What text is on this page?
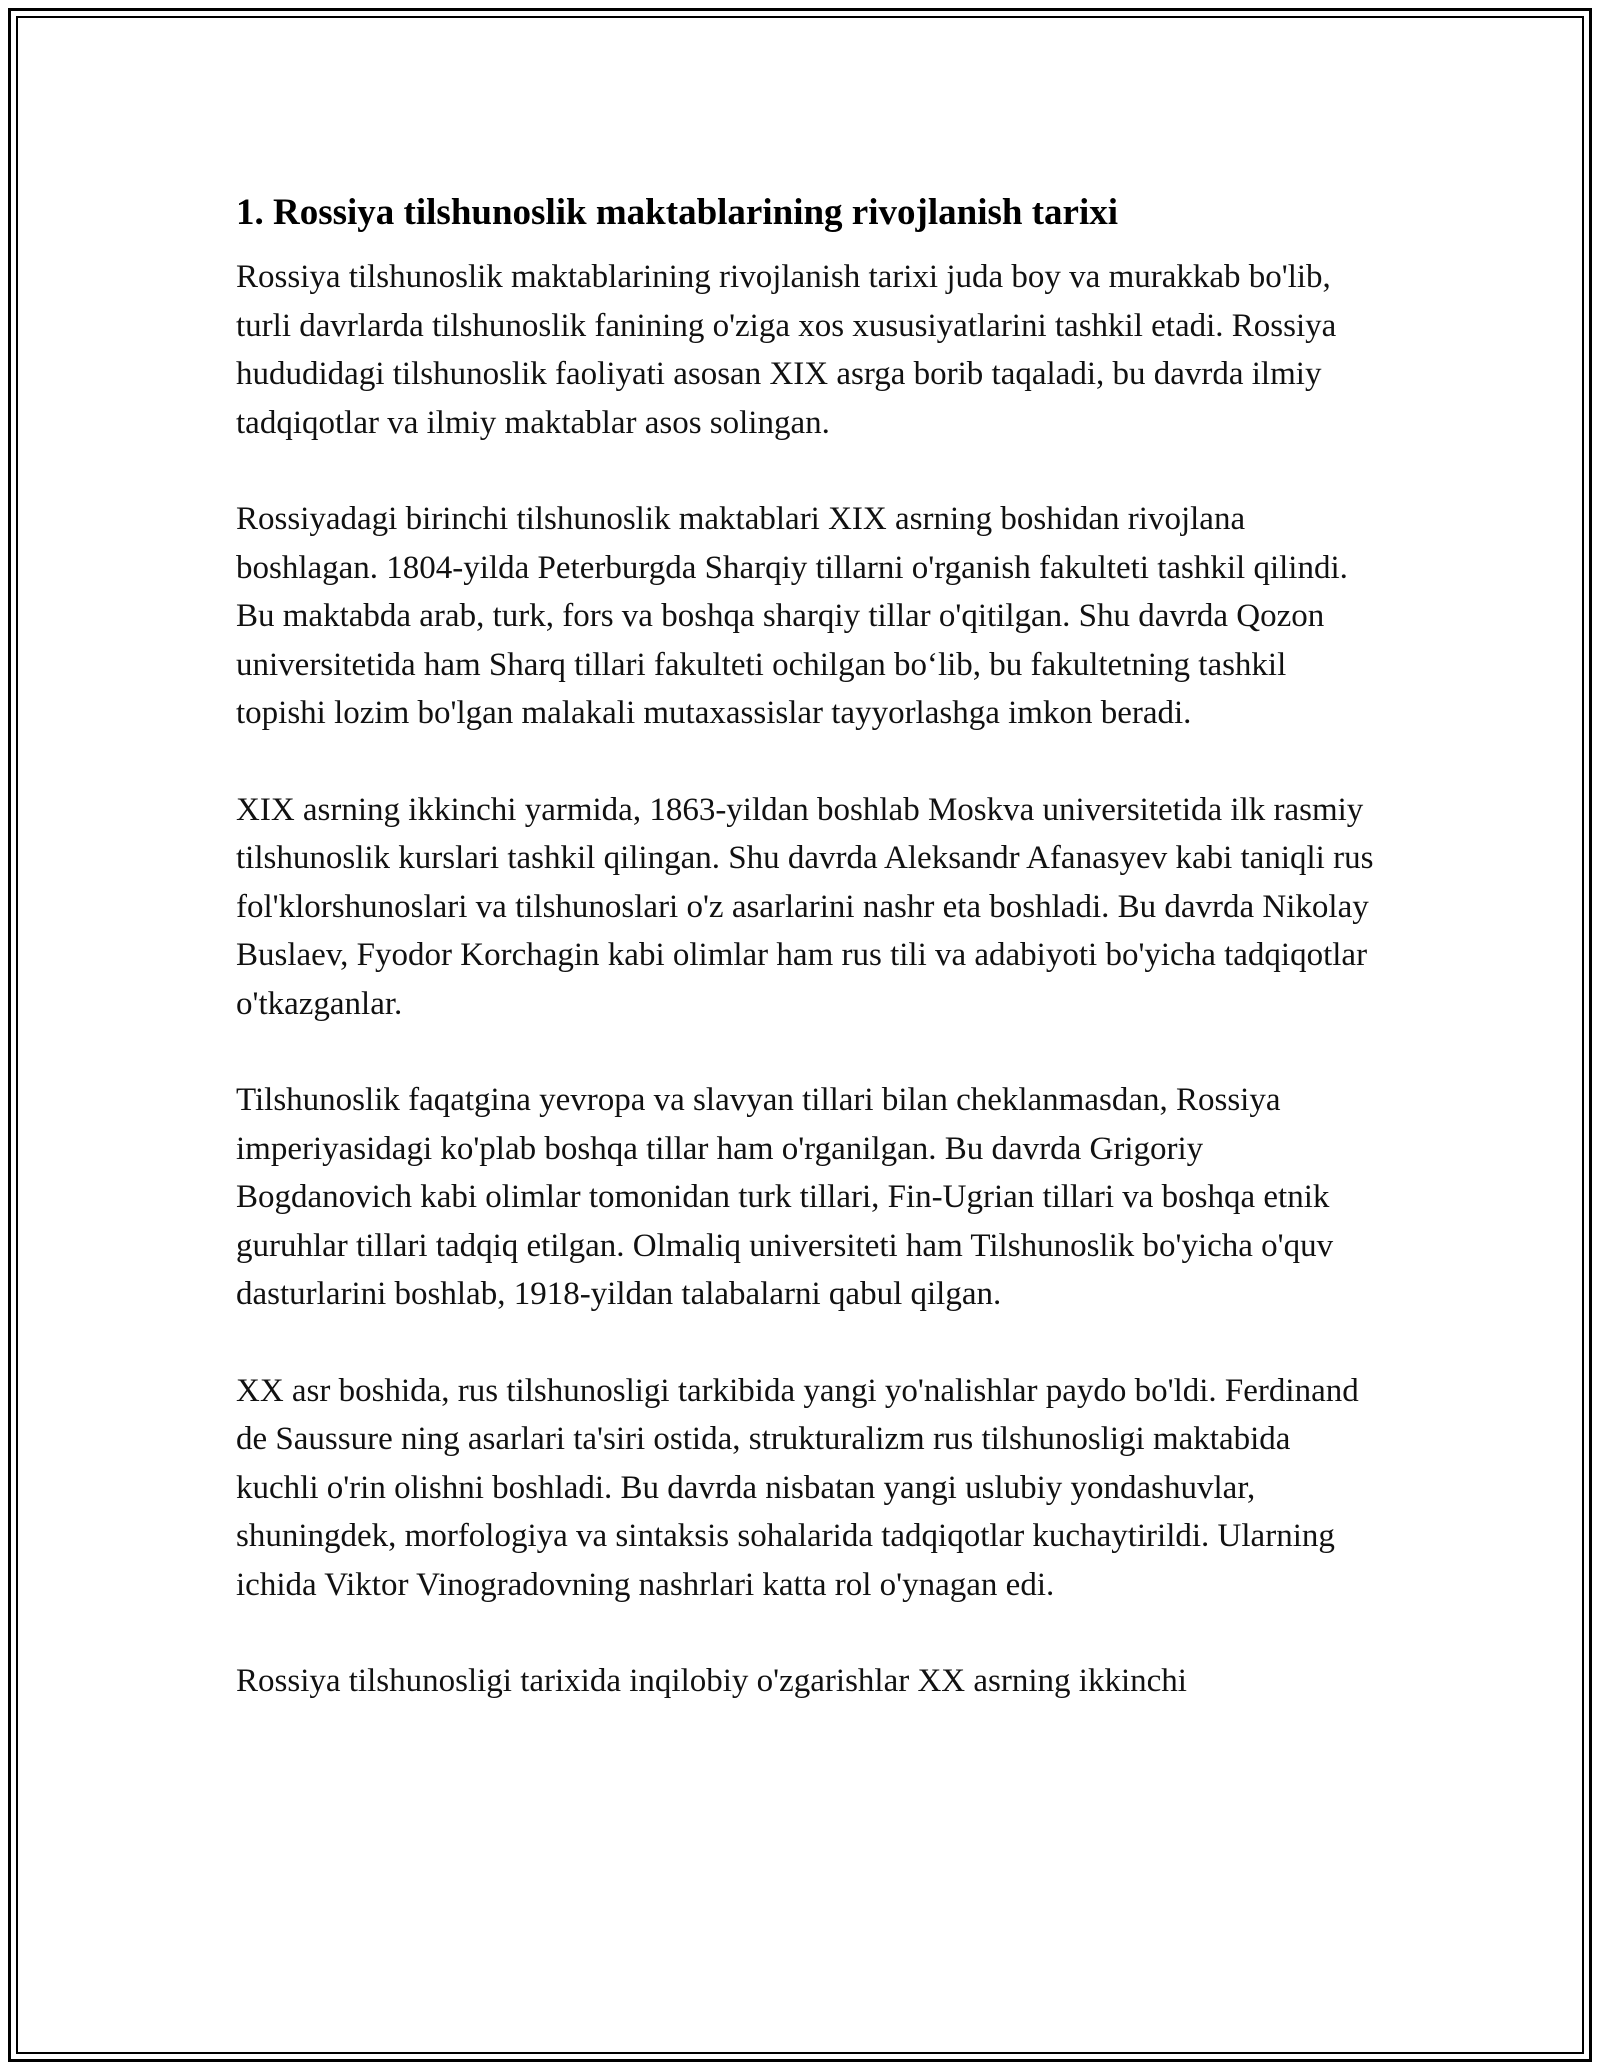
1. Rossiya tilshunoslik maktablarining rivojlanish tarixi

Rossiya tilshunoslik maktablarining rivojlanish tarixi juda boy va murakkab bo'lib, turli davrlarda tilshunoslik fanining o'ziga xos xususiyatlarini tashkil etadi. Rossiya hududidagi tilshunoslik faoliyati asosan XIX asrga borib taqaladi, bu davrda ilmiy tadqiqotlar va ilmiy maktablar asos solingan.

Rossiyadagi birinchi tilshunoslik maktablari XIX asrning boshidan rivojlana boshlagan. 1804-yilda Peterburgda Sharqiy tillarni o'rganish fakulteti tashkil qilindi. Bu maktabda arab, turk, fors va boshqa sharqiy tillar o'qitilgan. Shu davrda Qozon universitetida ham Sharq tillari fakulteti ochilgan bo‘lib, bu fakultetning tashkil topishi lozim bo'lgan malakali mutaxassislar tayyorlashga imkon beradi.

XIX asrning ikkinchi yarmida, 1863-yildan boshlab Moskva universitetida ilk rasmiy tilshunoslik kurslari tashkil qilingan. Shu davrda Aleksandr Afanasyev kabi taniqli rus fol'klorshunoslari va tilshunoslari o'z asarlarini nashr eta boshladi. Bu davrda Nikolay Buslaev, Fyodor Korchagin kabi olimlar ham rus tili va adabiyoti bo'yicha tadqiqotlar o'tkazganlar.

Tilshunoslik faqatgina yevropa va slavyan tillari bilan cheklanmasdan, Rossiya imperiyasidagi ko'plab boshqa tillar ham o'rganilgan. Bu davrda Grigoriy Bogdanovich kabi olimlar tomonidan turk tillari, Fin-Ugrian tillari va boshqa etnik guruhlar tillari tadqiq etilgan. Olmaliq universiteti ham Tilshunoslik bo'yicha o'quv dasturlarini boshlab, 1918-yildan talabalarni qabul qilgan.

XX asr boshida, rus tilshunosligi tarkibida yangi yo'nalishlar paydo bo'ldi. Ferdinand de Saussure ning asarlari ta'siri ostida, strukturalizm rus tilshunosligi maktabida kuchli o'rin olishni boshladi. Bu davrda nisbatan yangi uslubiy yondashuvlar, shuningdek, morfologiya va sintaksis sohalarida tadqiqotlar kuchaytirildi. Ularning ichida Viktor Vinogradovning nashrlari katta rol o'ynagan edi.

Rossiya tilshunosligi tarixida inqilobiy o'zgarishlar XX asrning ikkinchi
